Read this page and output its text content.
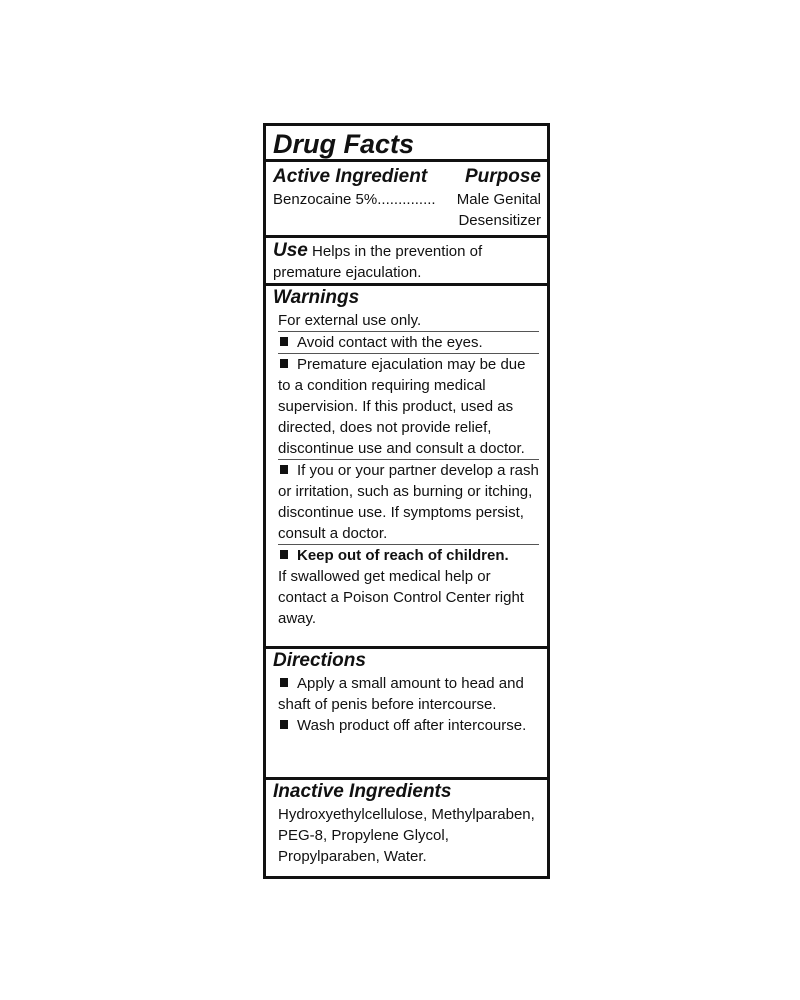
Drug Facts
Active Ingredient Purpose
Benzocaine 5%.............. Male Genital
Desensitizer
Use Helps in the prevention of premature ejaculation.
Warnings
For external use only.
Avoid contact with the eyes.
Premature ejaculation may be due to a condition requiring medical supervision. If this product, used as directed, does not provide relief, discontinue use and consult a doctor.
If you or your partner develop a rash or irritation, such as burning or itching, discontinue use. If symptoms persist, consult a doctor.
Keep out of reach of children.
If swallowed get medical help or contact a Poison Control Center right away.
Directions
Apply a small amount to head and shaft of penis before intercourse.
Wash product off after intercourse.
Inactive Ingredients
Hydroxyethylcellulose, Methylparaben, PEG-8, Propylene Glycol, Propylparaben, Water.
